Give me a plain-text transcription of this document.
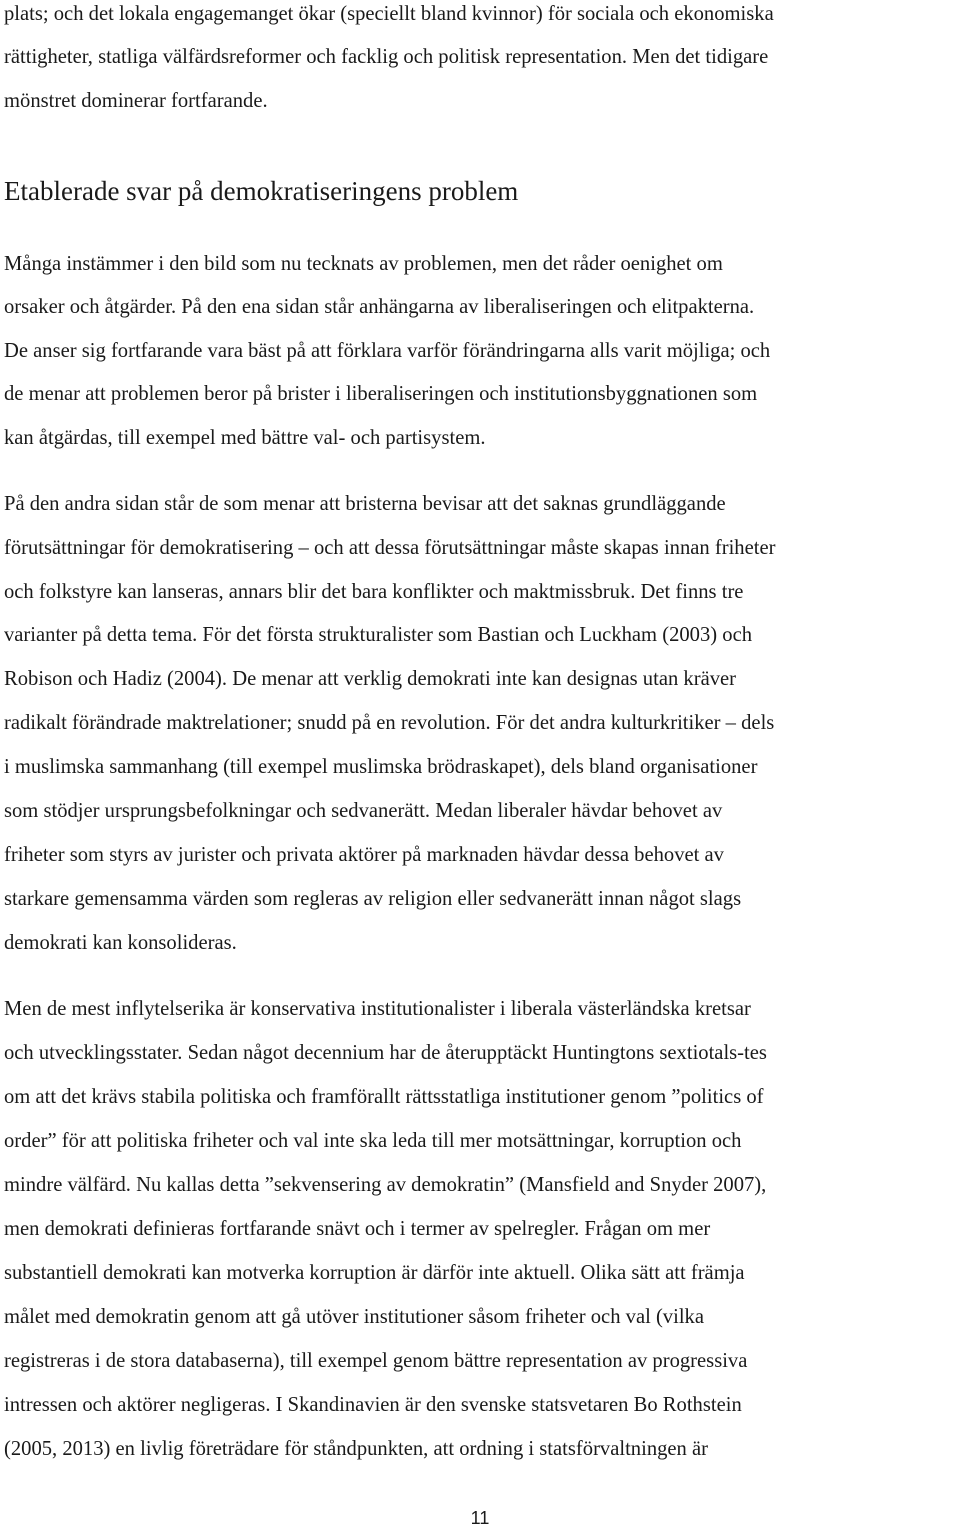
plats; och det lokala engagemanget ökar (speciellt bland kvinnor) för sociala och ekonomiska

rättigheter, statliga välfärdsreformer och facklig och politisk representation. Men det tidigare

mönstret dominerar fortfarande.

Etablerade svar på demokratiseringens problem

Många instämmer i den bild som nu tecknats av problemen, men det råder oenighet om

orsaker och åtgärder. På den ena sidan står anhängarna av liberaliseringen och elitpakterna.

De anser sig fortfarande vara bäst på att förklara varför förändringarna alls varit möjliga; och

de menar att problemen beror på brister i liberaliseringen och institutionsbyggnationen som

kan åtgärdas, till exempel med bättre val- och partisystem.

På den andra sidan står de som menar att bristerna bevisar att det saknas grundläggande

förutsättningar för demokratisering – och att dessa förutsättningar måste skapas innan friheter

och folkstyre kan lanseras, annars blir det bara konflikter och maktmissbruk. Det finns tre

varianter på detta tema. För det första strukturalister som Bastian och Luckham (2003) och

Robison och Hadiz (2004). De menar att verklig demokrati inte kan designas utan kräver

radikalt förändrade maktrelationer; snudd på en revolution. För det andra kulturkritiker – dels

i muslimska sammanhang (till exempel muslimska brödraskapet), dels bland organisationer

som stödjer ursprungsbefolkningar och sedvanerätt. Medan liberaler hävdar behovet av

friheter som styrs av jurister och privata aktörer på marknaden hävdar dessa behovet av

starkare gemensamma värden som regleras av religion eller sedvanerätt innan något slags

demokrati kan konsolideras.

Men de mest inflytelserika är konservativa institutionalister i liberala västerländska kretsar

och utvecklingsstater. Sedan något decennium har de återupptäckt Huntingtons sextiotals-tes

om att det krävs stabila politiska och framförallt rättsstatliga institutioner genom ”politics of

order” för att politiska friheter och val inte ska leda till mer motsättningar, korruption och

mindre välfärd. Nu kallas detta ”sekvensering av demokratin” (Mansfield and Snyder 2007),

men demokrati definieras fortfarande snävt och i termer av spelregler. Frågan om mer

substantiell demokrati kan motverka korruption är därför inte aktuell. Olika sätt att främja

målet med demokratin genom att gå utöver institutioner såsom friheter och val (vilka

registreras i de stora databaserna), till exempel genom bättre representation av progressiva

intressen och aktörer negligeras. I Skandinavien är den svenske statsvetaren Bo Rothstein

(2005, 2013) en livlig företrädare för ståndpunkten, att ordning i statsförvaltningen är

11
